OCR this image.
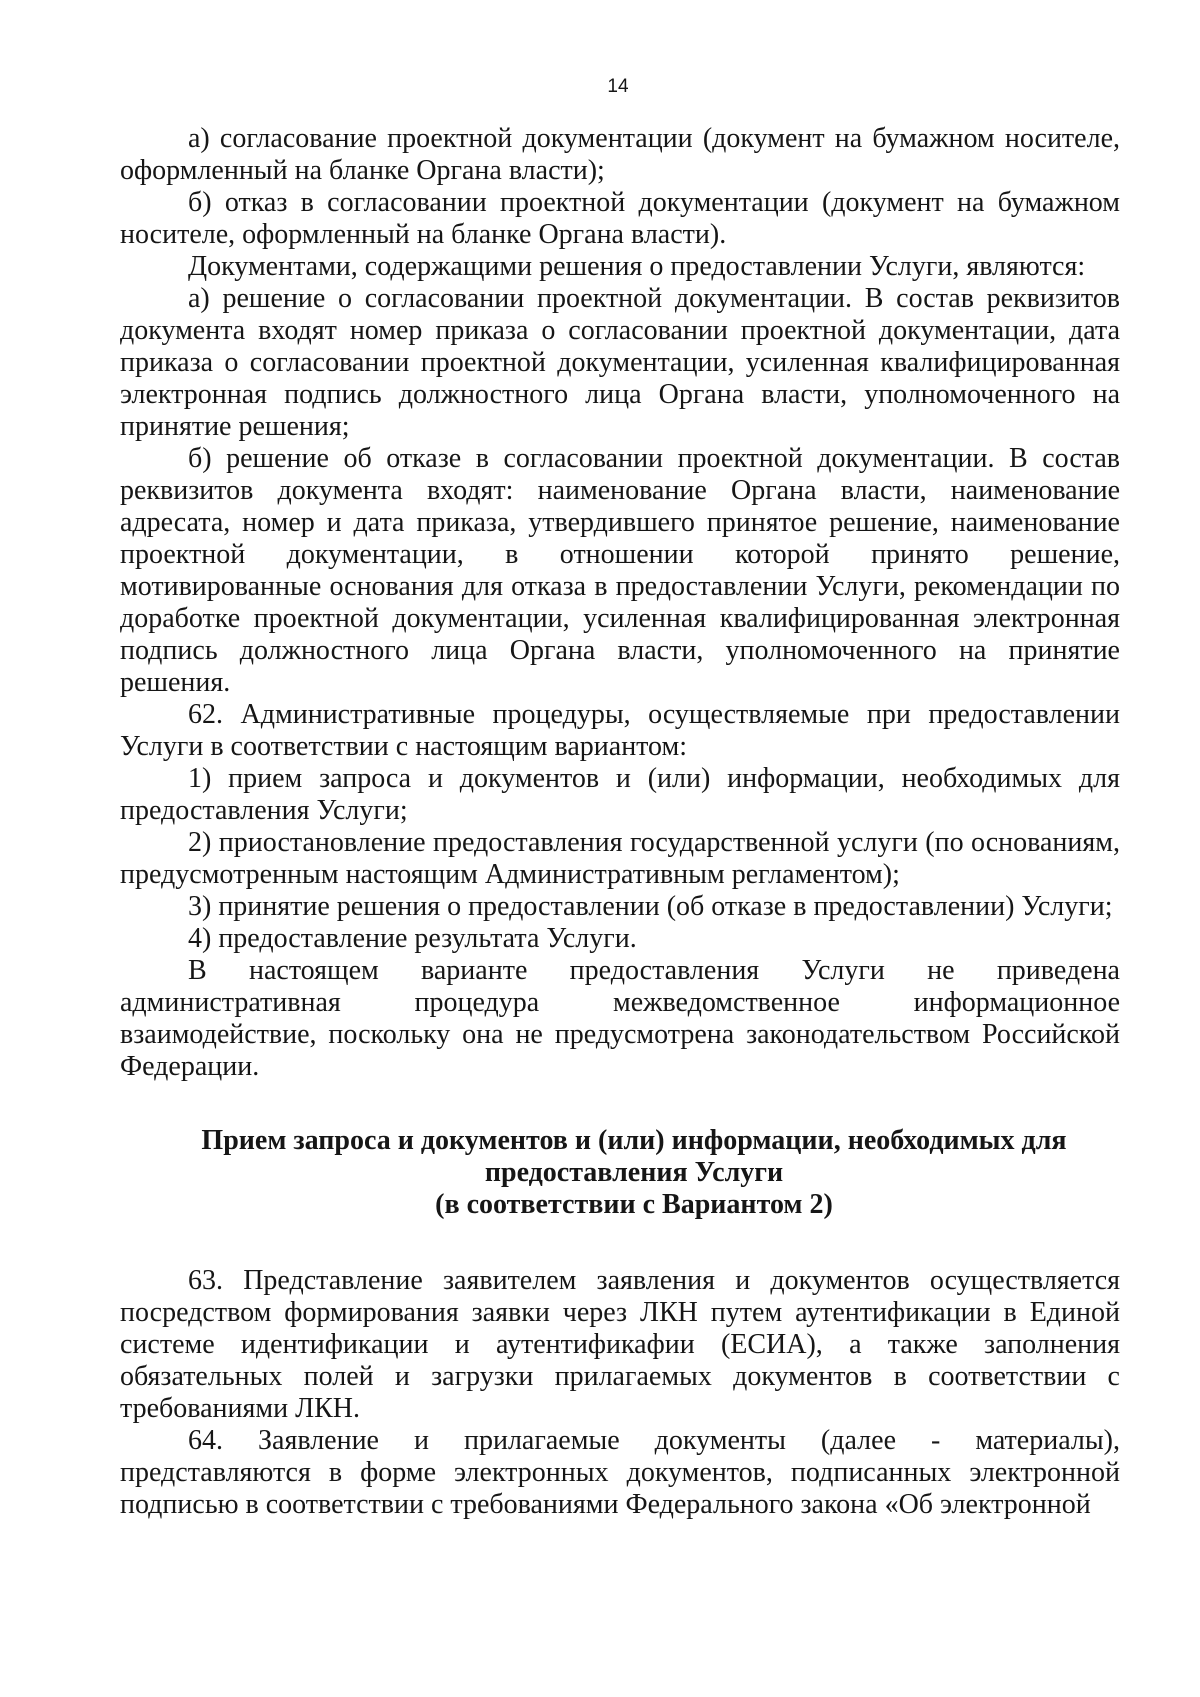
14

а) согласование проектной документации (документ на бумажном носителе, оформленный на бланке Органа власти);

б) отказ в согласовании проектной документации (документ на бумажном носителе, оформленный на бланке Органа власти).

Документами, содержащими решения о предоставлении Услуги, являются:

а) решение о согласовании проектной документации. В состав реквизитов документа входят номер приказа о согласовании проектной документации, дата приказа о согласовании проектной документации, усиленная квалифицированная электронная подпись должностного лица Органа власти, уполномоченного на принятие решения;

б) решение об отказе в согласовании проектной документации. В состав реквизитов документа входят: наименование Органа власти, наименование адресата, номер и дата приказа, утвердившего принятое решение, наименование проектной документации, в отношении которой принято решение, мотивированные основания для отказа в предоставлении Услуги, рекомендации по доработке проектной документации, усиленная квалифицированная электронная подпись должностного лица Органа власти, уполномоченного на принятие решения.

62. Административные процедуры, осуществляемые при предоставлении Услуги в соответствии с настоящим вариантом:

1) прием запроса и документов и (или) информации, необходимых для предоставления Услуги;

2) приостановление предоставления государственной услуги (по основаниям, предусмотренным настоящим Административным регламентом);

3) принятие решения о предоставлении (об отказе в предоставлении) Услуги;

4) предоставление результата Услуги.

В настоящем варианте предоставления Услуги не приведена административная процедура межведомственное информационное взаимодействие, поскольку она не предусмотрена законодательством Российской Федерации.

Прием запроса и документов и (или) информации, необходимых для
предоставления Услуги
(в соответствии с Вариантом 2)

63. Представление заявителем заявления и документов осуществляется посредством формирования заявки через ЛКН путем аутентификации в Единой системе идентификации и аутентификафии (ЕСИА), а также заполнения обязательных полей и загрузки прилагаемых документов в соответствии с требованиями ЛКН.

64. Заявление и прилагаемые документы (далее - материалы), представляются в форме электронных документов, подписанных электронной подписью в соответствии с требованиями Федерального закона «Об электронной
